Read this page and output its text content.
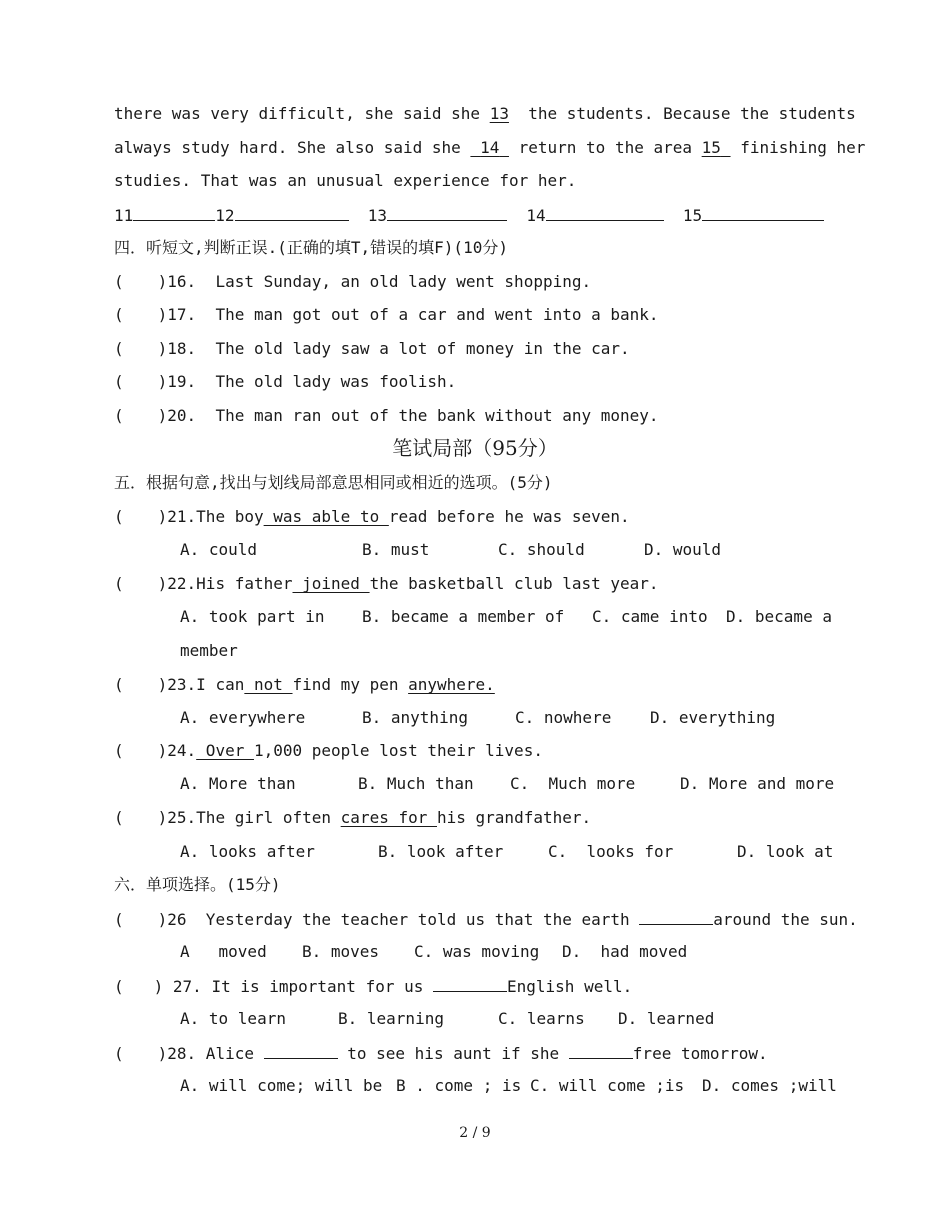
there was very difficult, she said she 13 the students. Because the students
always study hard. She also said she  14 return to the area 15 finishing her
studies. That was an unusual experience for her.
11	12	13	14	15
四．听短文,判断正误.(正确的填T,错误的填F)(10分)
( )16. Last Sunday, an old lady went shopping.
( )17. The man got out of a car and went into a bank.
( )18. The old lady saw a lot of money in the car.
( )19. The old lady was foolish.
( )20. The man ran out of the bank without any money.
笔试局部（95分）
五．根据句意,找出与划线局部意思相同或相近的选项。(5分)
( )21.The boy was able to read before he was seven.
A. could	B. must	C. should	D. would
( )22.His father joined the basketball club last year.
A. took part in B. became a member of C. came into D. became a
member
( )23.I can not find my pen anywhere.
A. everywhere	B. anything	C. nowhere D. everything
( )24. Over 1,000 people lost their lives.
A. More than	B. Much than C.  Much more	D. More and more
( )25.The girl often cares for his grandfather.
A. looks after	B. look after	C.  looks for	D. look at
六．单项选择。(15分)
( )26  Yesterday the teacher told us that the earth	around the sun.
A   moved B. moves C. was moving D.  had moved
( ) 27. It is important for us	English well.
A. to learn	B. learning	C. learns D. learned
( )28. Alice	to see his aunt if she	free tomorrow.
A. will come; will be B . come ; is C. will come ;is D. comes ;will
2 / 9
